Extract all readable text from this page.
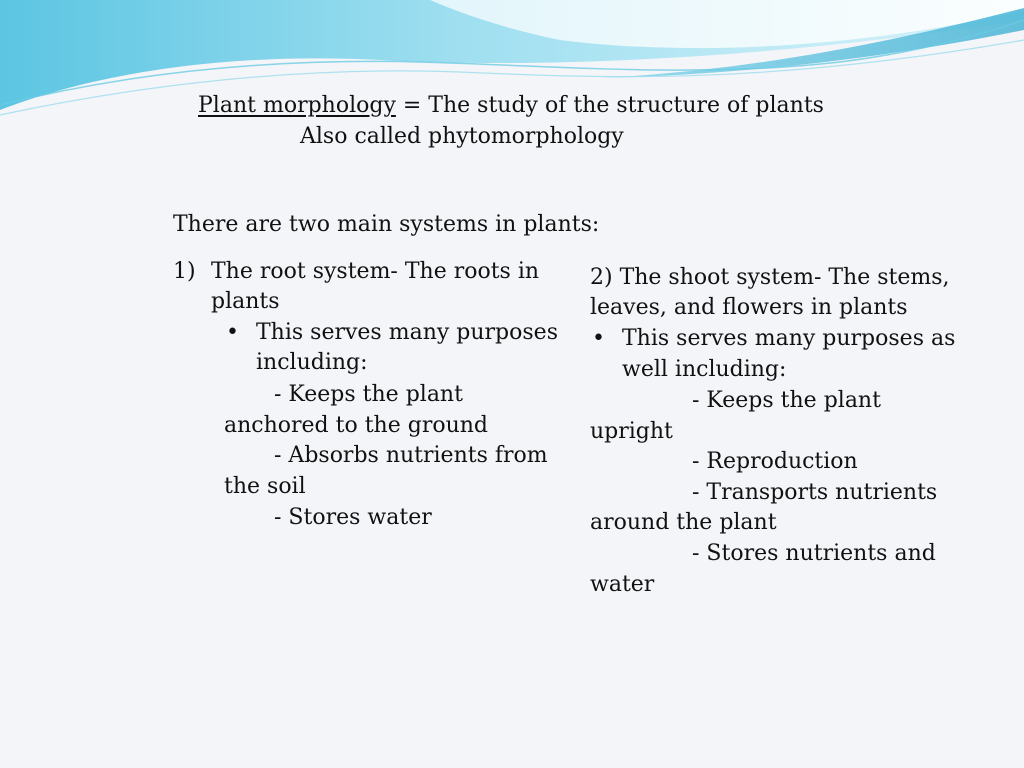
Plant morphology = The study of the structure of plants
Also called phytomorphology
There are two main systems in plants:
1) The root system- The roots in
plants
• This serves many purposes
including:
- Keeps the plant
anchored to the ground
- Absorbs nutrients from
the soil
- Stores water
2) The shoot system- The stems,
leaves, and flowers in plants
• This serves many purposes as
well including:
- Keeps the plant
upright
- Reproduction
- Transports nutrients
around the plant
- Stores nutrients and
water
